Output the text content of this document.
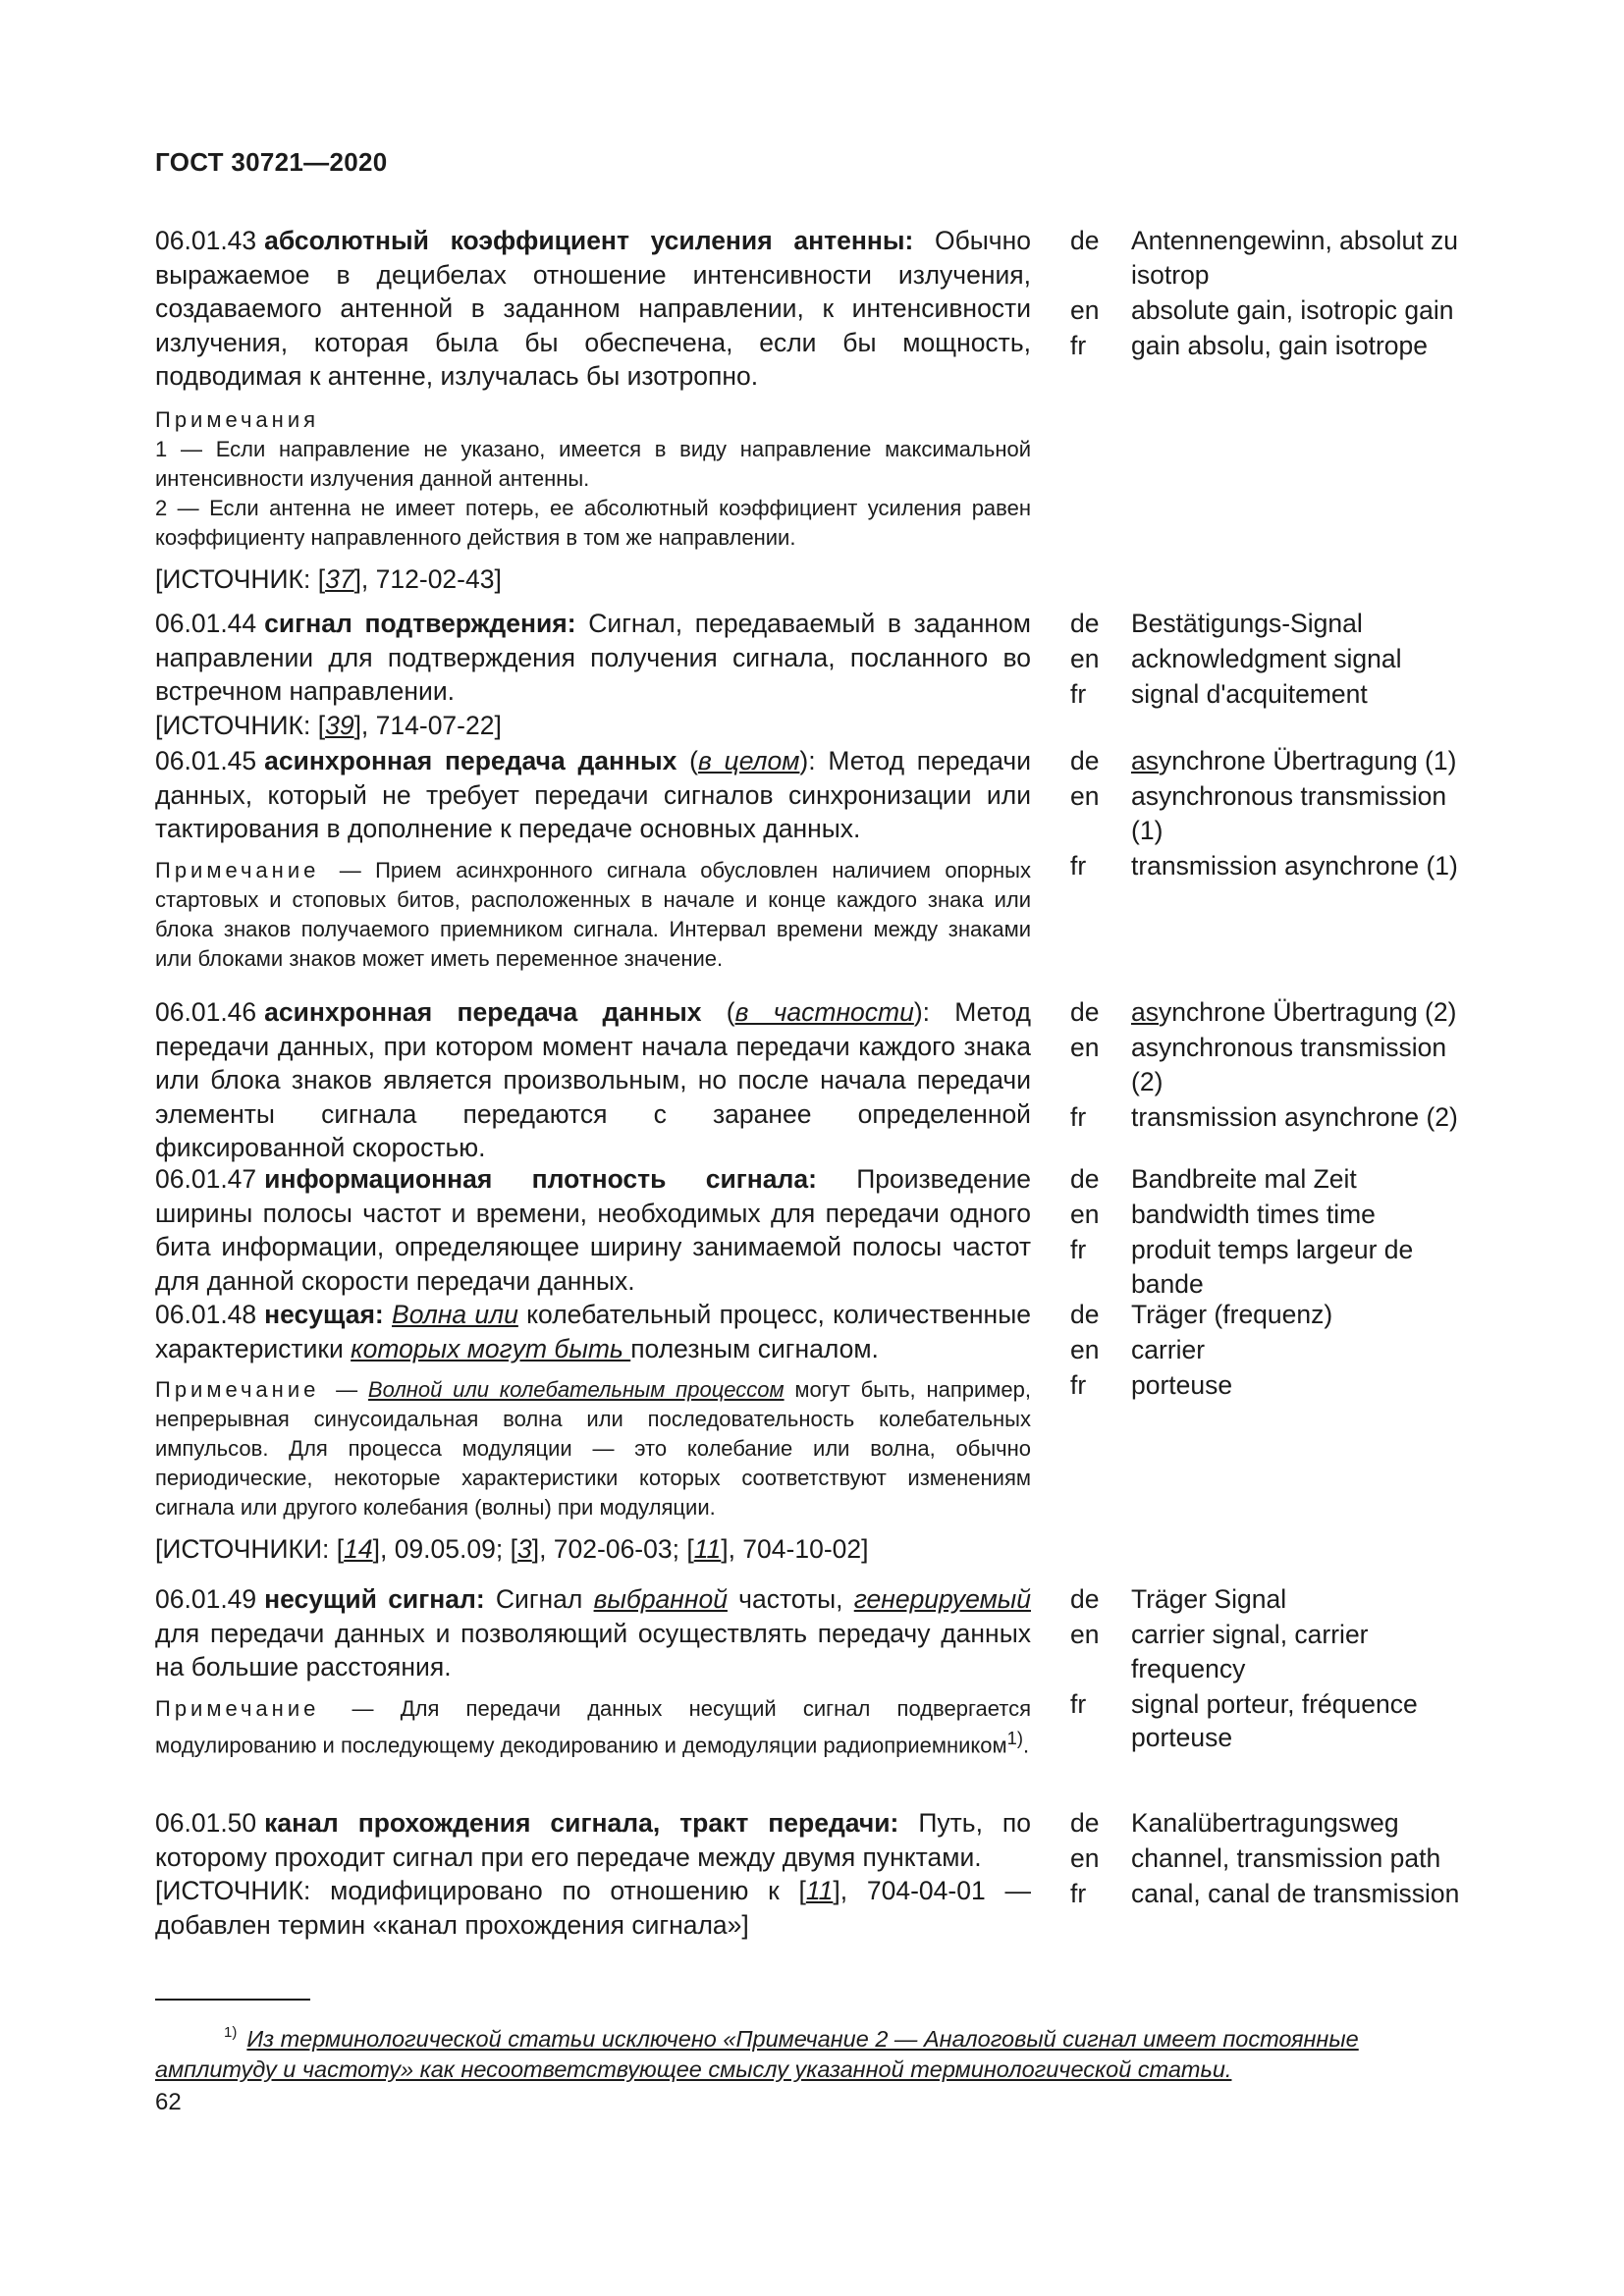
ГОСТ 30721—2020
06.01.43 абсолютный коэффициент усиления антенны: Обычно выражаемое в децибелах отношение интенсивности излучения, создаваемого антенной в заданном направлении, к интенсивности излучения, которая была бы обеспечена, если бы мощность, подводимая к антенне, излучалась бы изотропно.
Примечания
1 — Если направление не указано, имеется в виду направление максимальной интенсивности излучения данной антенны.
2 — Если антенна не имеет потерь, ее абсолютный коэффициент усиления равен коэффициенту направленного действия в том же направлении.
[ИСТОЧНИК: [37], 712-02-43]
de	Antennengewinn, absolut zu isotrop
en	absolute gain, isotropic gain
fr	gain absolu, gain isotrope
06.01.44 сигнал подтверждения: Сигнал, передаваемый в заданном направлении для подтверждения получения сигнала, посланного во встречном направлении.
[ИСТОЧНИК: [39], 714-07-22]
de	Bestätigungs-Signal
en	acknowledgment signal
fr	signal d'acquitement
06.01.45 асинхронная передача данных (в целом): Метод передачи данных, который не требует передачи сигналов синхронизации или тактирования в дополнение к передаче основных данных.
Примечание — Прием асинхронного сигнала обусловлен наличием опорных стартовых и стоповых битов, расположенных в начале и конце каждого знака или блока знаков получаемого приемником сигнала. Интервал времени между знаками или блоками знаков может иметь переменное значение.
de	asynchrone Übertragung (1)
en	asynchronous transmission (1)
fr	transmission asynchrone (1)
06.01.46 асинхронная передача данных (в частности): Метод передачи данных, при котором момент начала передачи каждого знака или блока знаков является произвольным, но после начала передачи элементы сигнала передаются с заранее определенной фиксированной скоростью.
de	asynchrone Übertragung (2)
en	asynchronous transmission (2)
fr	transmission asynchrone (2)
06.01.47 информационная плотность сигнала: Произведение ширины полосы частот и времени, необходимых для передачи одного бита информации, определяющее ширину занимаемой полосы частот для данной скорости передачи данных.
de	Bandbreite mal Zeit
en	bandwidth times time
fr	produit temps largeur de bande
06.01.48 несущая: Волна или колебательный процесс, количественные характеристики которых могут быть полезным сигналом.
Примечание — Волной или колебательным процессом могут быть, например, непрерывная синусоидальная волна или последовательность колебательных импульсов. Для процесса модуляции — это колебание или волна, обычно периодические, некоторые характеристики которых соответствуют изменениям сигнала или другого колебания (волны) при модуляции.
[ИСТОЧНИКИ: [14], 09.05.09; [3], 702-06-03; [11], 704-10-02]
de	Träger (frequenz)
en	carrier
fr	porteuse
06.01.49 несущий сигнал: Сигнал выбранной частоты, генерируемый для передачи данных и позволяющий осуществлять передачу данных на большие расстояния.
Примечание — Для передачи данных несущий сигнал подвергается модулированию и последующему декодированию и демодуляции радиоприемником$^{1)}$.
de	Träger Signal
en	carrier signal, carrier frequency
fr	signal porteur, fréquence porteuse
06.01.50 канал прохождения сигнала, тракт передачи: Путь, по которому проходит сигнал при его передаче между двумя пунктами.
[ИСТОЧНИК: модифицировано по отношению к [11], 704-04-01 — добавлен термин «канал прохождения сигнала»]
de	Kanalübertragungsweg
en	channel, transmission path
fr	canal, canal de transmission
$^{1)}$ Из терминологической статьи исключено «Примечание 2 — Аналоговый сигнал имеет постоянные амплитуду и частоту» как несоответствующее смыслу указанной терминологической статьи.
62
